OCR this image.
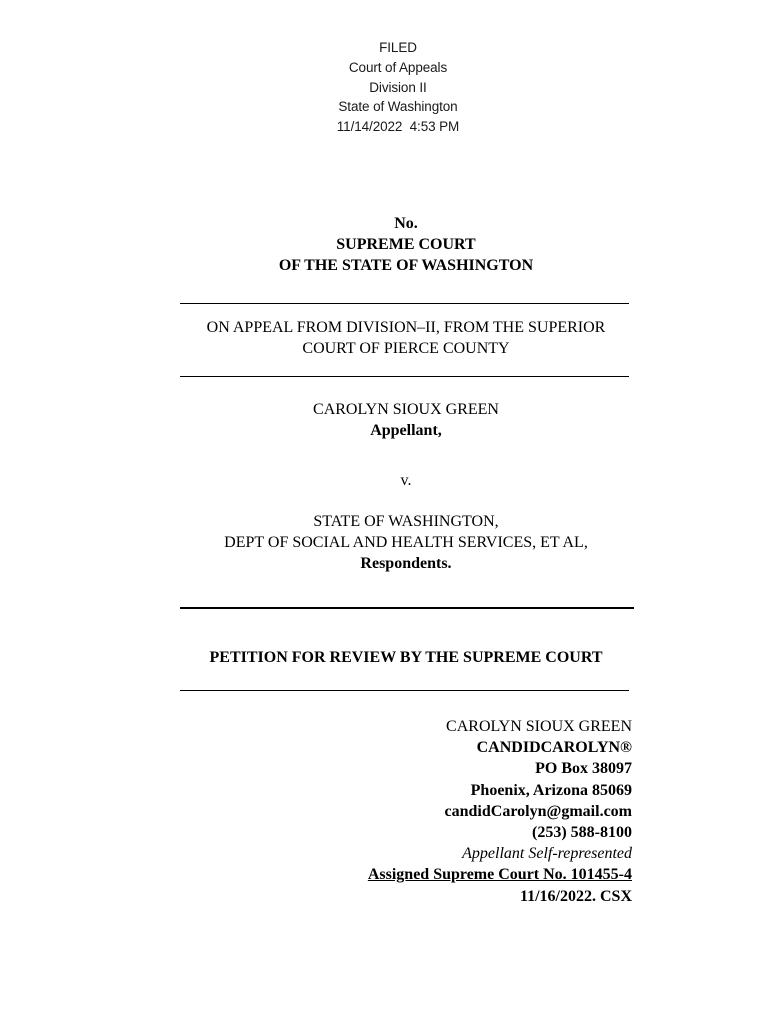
FILED
Court of Appeals
Division II
State of Washington
11/14/2022  4:53 PM
No.
SUPREME COURT
OF THE STATE OF WASHINGTON
ON APPEAL FROM DIVISION–II, FROM THE SUPERIOR
COURT OF PIERCE COUNTY
CAROLYN SIOUX GREEN
Appellant,
v.
STATE OF WASHINGTON,
DEPT OF SOCIAL AND HEALTH SERVICES, ET AL,
Respondents.
PETITION FOR REVIEW BY THE SUPREME COURT
CAROLYN SIOUX GREEN
CANDIDCAROLYN®
PO Box 38097
Phoenix, Arizona 85069
candidCarolyn@gmail.com
(253) 588-8100
Appellant Self-represented
Assigned Supreme Court No. 101455-4
11/16/2022. CSX
